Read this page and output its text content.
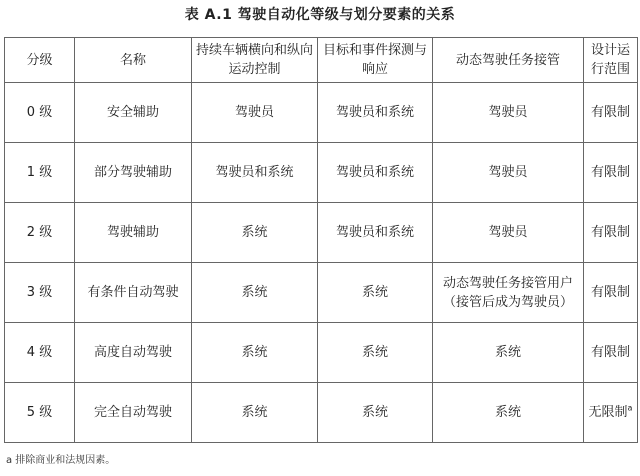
表 A.1 驾驶自动化等级与划分要素的关系
分级	名称	持续车辆横向和纵向运动控制	目标和事件探测与响应	动态驾驶任务接管	设计运行范围
0 级	安全辅助	驾驶员	驾驶员和系统	驾驶员	有限制
1 级	部分驾驶辅助	驾驶员和系统	驾驶员和系统	驾驶员	有限制
2 级	驾驶辅助	系统	驾驶员和系统	驾驶员	有限制
3 级	有条件自动驾驶	系统	系统	动态驾驶任务接管用户（接管后成为驾驶员）	有限制
4 级	高度自动驾驶	系统	系统	系统	有限制
5 级	完全自动驾驶	系统	系统	系统	无限制$^a$
a 排除商业和法规因素。
